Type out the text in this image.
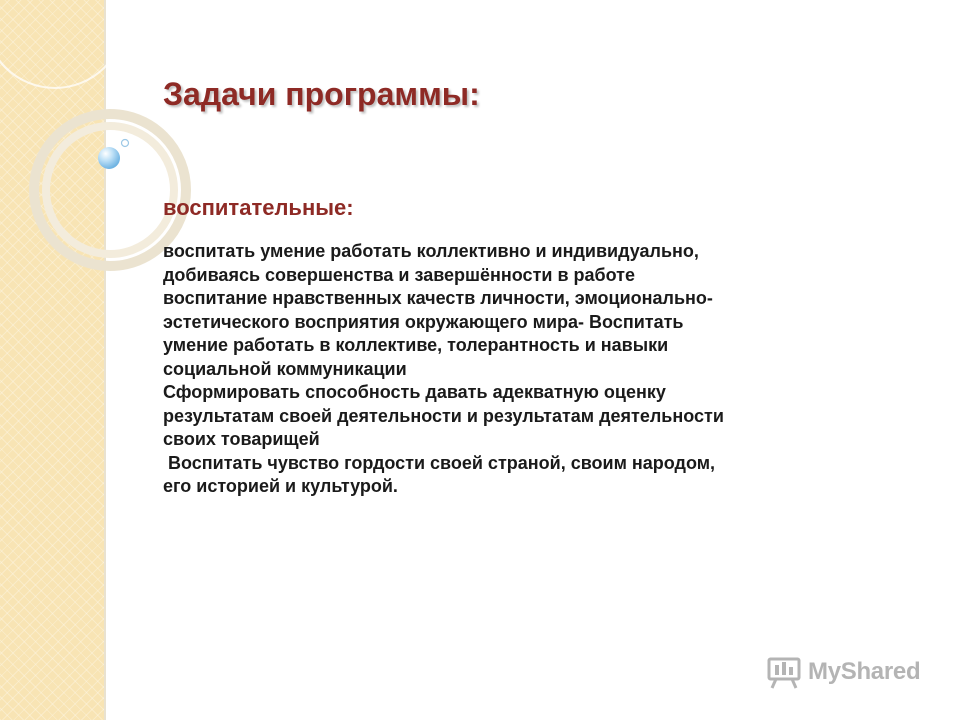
Задачи программы:
воспитательные:
воспитать умение работать коллективно и индивидуально,
добиваясь совершенства и завершённости в работе
воспитание нравственных качеств личности, эмоционально-
эстетического восприятия окружающего мира- Воспитать
умение работать в коллективе, толерантность и навыки
социальной коммуникации
Сформировать способность давать адекватную оценку
результатам своей деятельности и результатам деятельности
своих товарищей
Воспитать чувство гордости своей страной, своим народом,
его историей и культурой.
MyShared
